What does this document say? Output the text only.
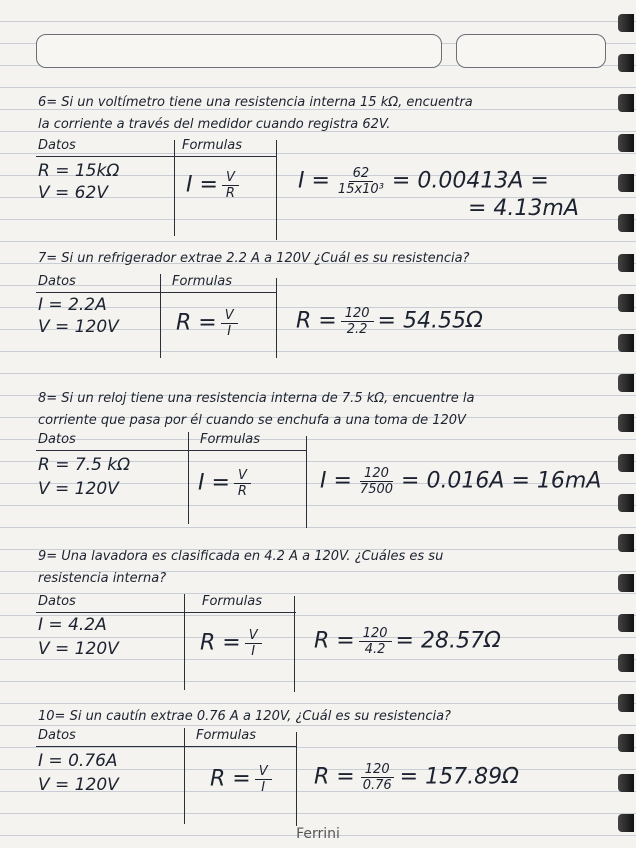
6= Si un voltímetro tiene una resistencia interna 15 kΩ, encuentra
la corriente a través del medidor cuando registra 62V.
Datos	Formulas
R = 15kΩ
V = 62V	$I = \frac{V}{R}$	$I = \frac{62}{\text{15x10³}} = 0.00413A$ =
= 4.13mA
7= Si un refrigerador extrae 2.2 A a 120V ¿Cuál es su resistencia?
Datos	Formulas
I = 2.2A
V = 120V	$R = \frac{V}{I}$	$R = \frac{120}{2.2} = 54.55\Omega$
8= Si un reloj tiene una resistencia interna de 7.5 kΩ, encuentre la
corriente que pasa por él cuando se enchufa a una toma de 120V
Datos	Formulas
R = 7.5 kΩ
V = 120V	$I = \frac{V}{R}$	$I = \frac{120}{7500} = 0.016A = 16mA$
9= Una lavadora es clasificada en 4.2 A a 120V. ¿Cuáles es su
resistencia interna?
Datos	Formulas
I = 4.2A
V = 120V	$R = \frac{V}{I}$ $R = \frac{120}{4.2} = 28.57\Omega$
10= Si un cautín extrae 0.76 A a 120V, ¿Cuál es su resistencia?
Datos	Formulas
I = 0.76A
V = 120V	$R = \frac{V}{I}$ $R = \frac{120}{0.76} = 157.89\Omega$
Ferrini
